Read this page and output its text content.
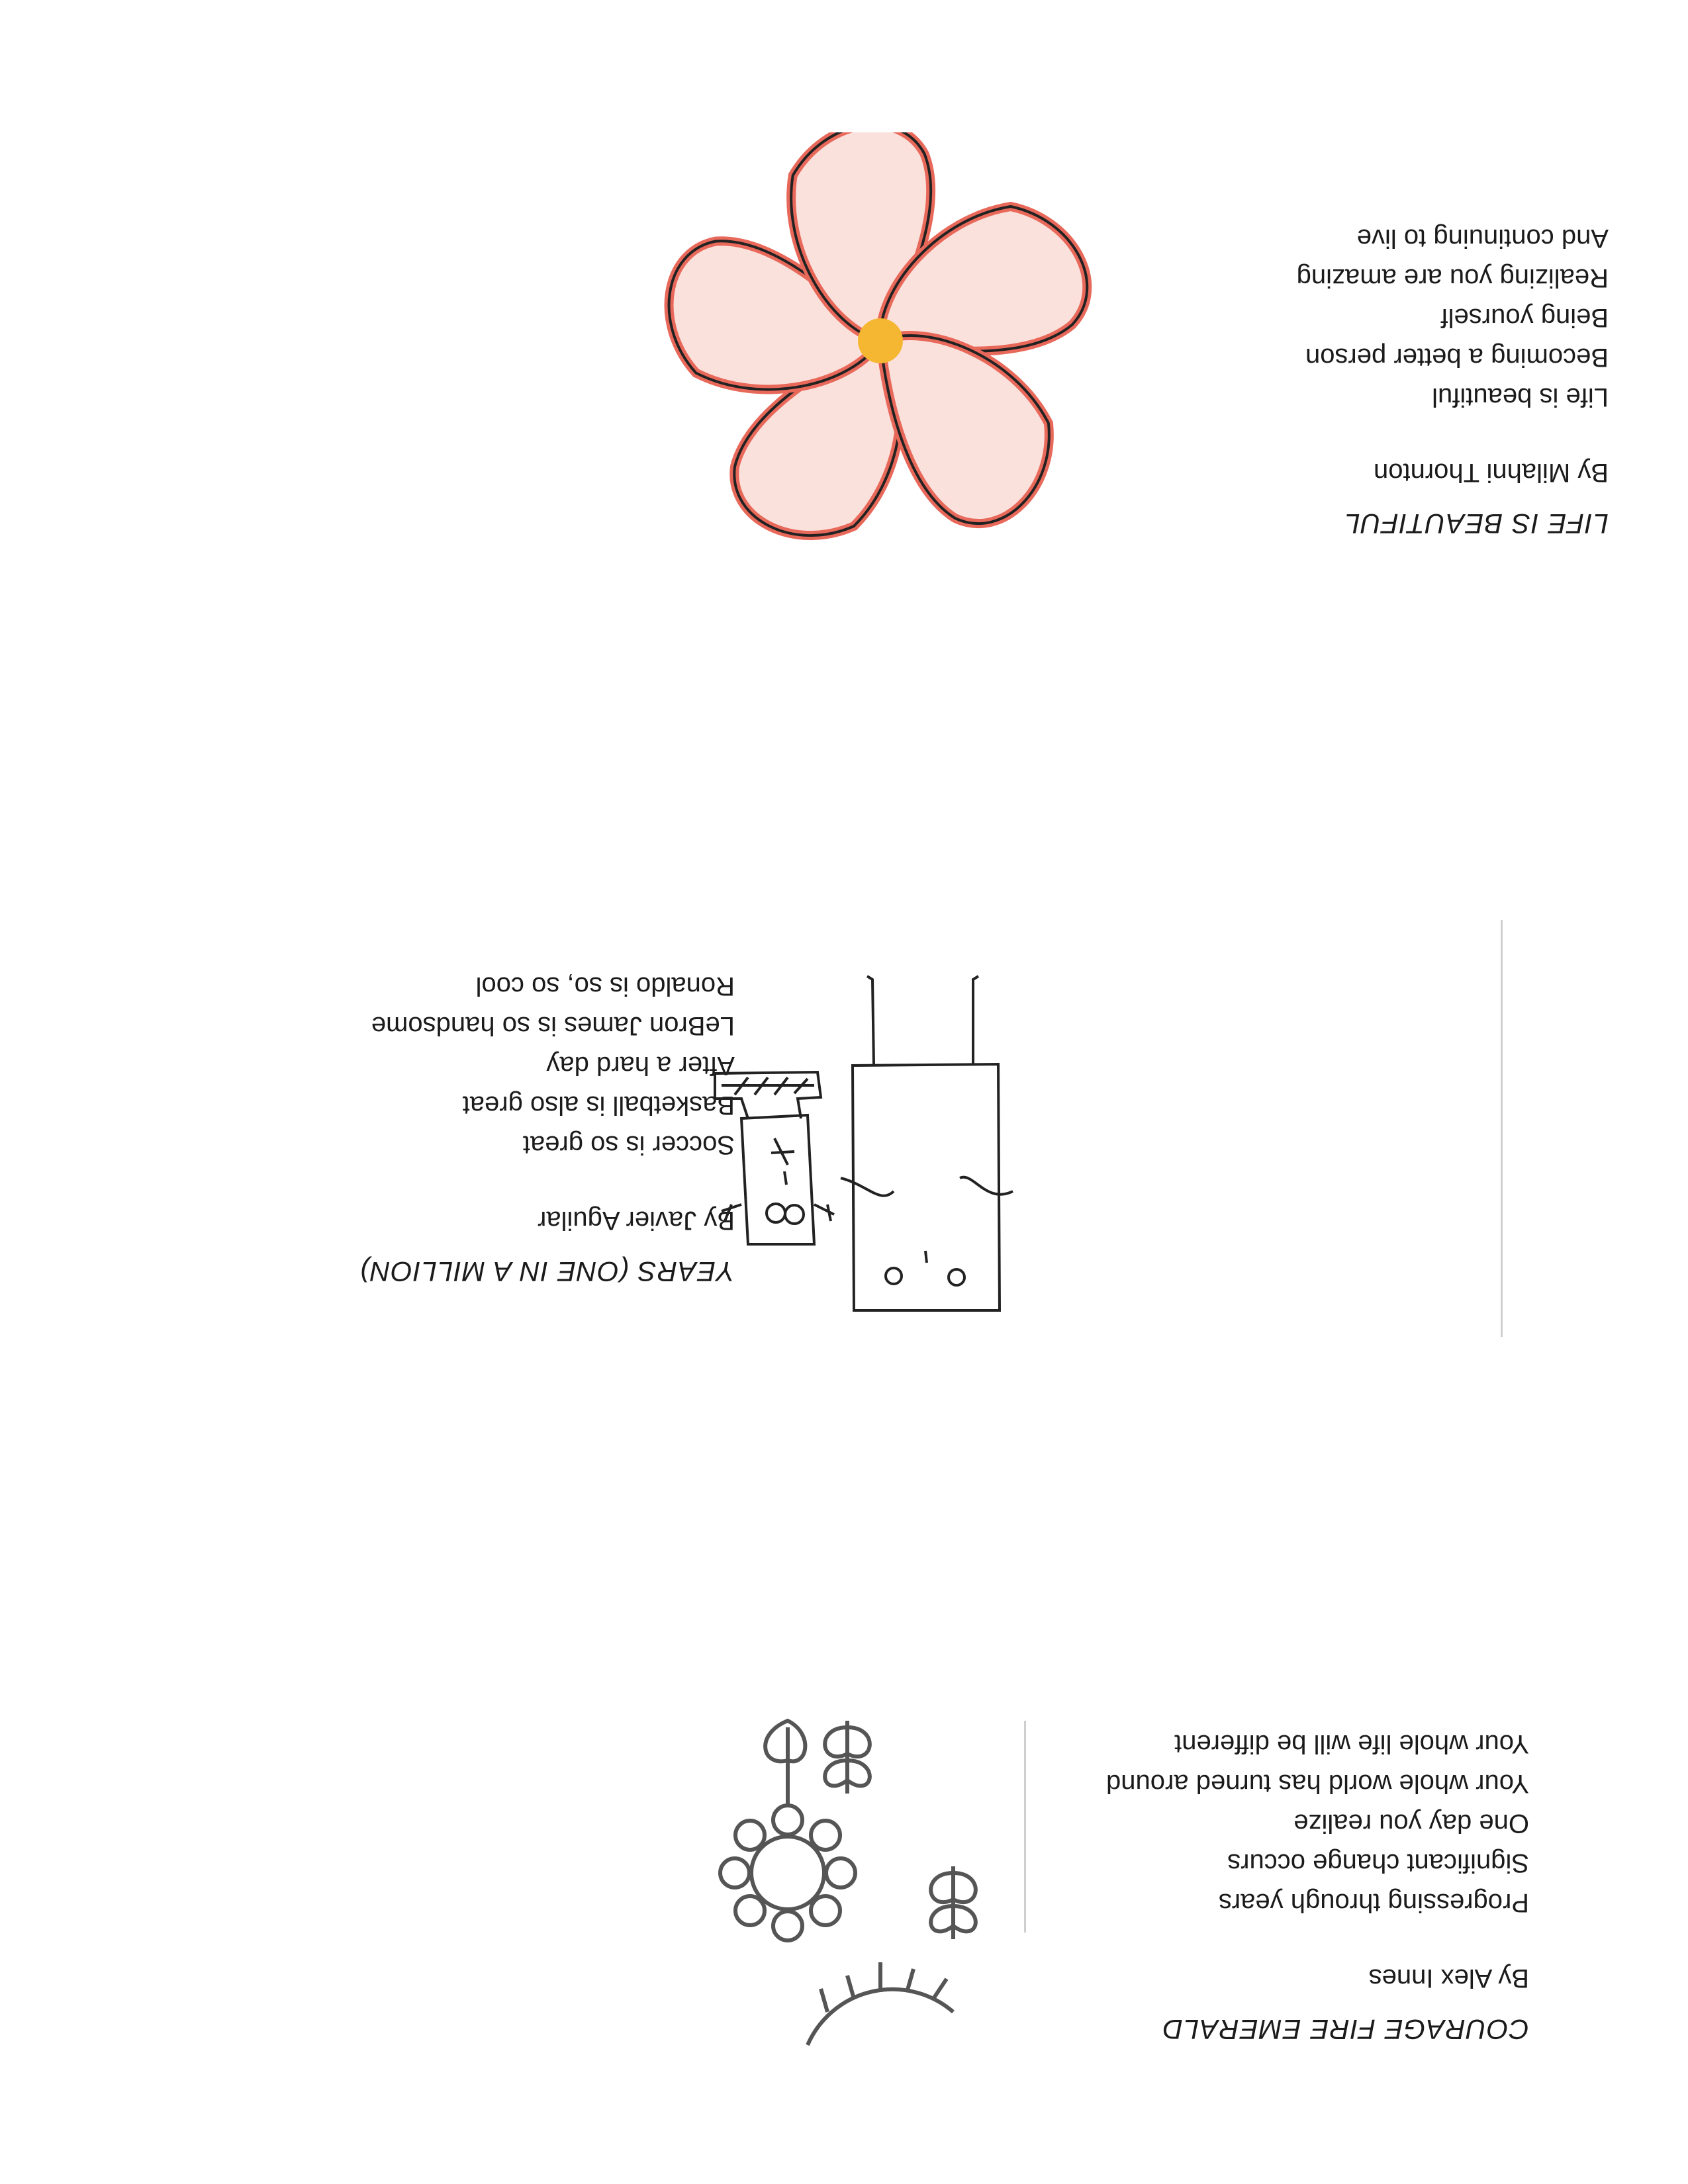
LIFE IS BEAUTIFUL
By Milahni Thornton
Life is beautiful
Becoming a better person
Being yourself
Realizing you are amazing
And continuing to live
YEARS (ONE IN A MILLION)
By Javier Aguilar
Soccer is so great
Basketball is also great
After a hard day
LeBron James is so handsome
Ronaldo is so, so cool
COURAGE FIRE EMERALD
By Alex Innes
Progressing through years
Significant change occurs
One day you realize
Your whole world has turned around
Your whole life will be different
